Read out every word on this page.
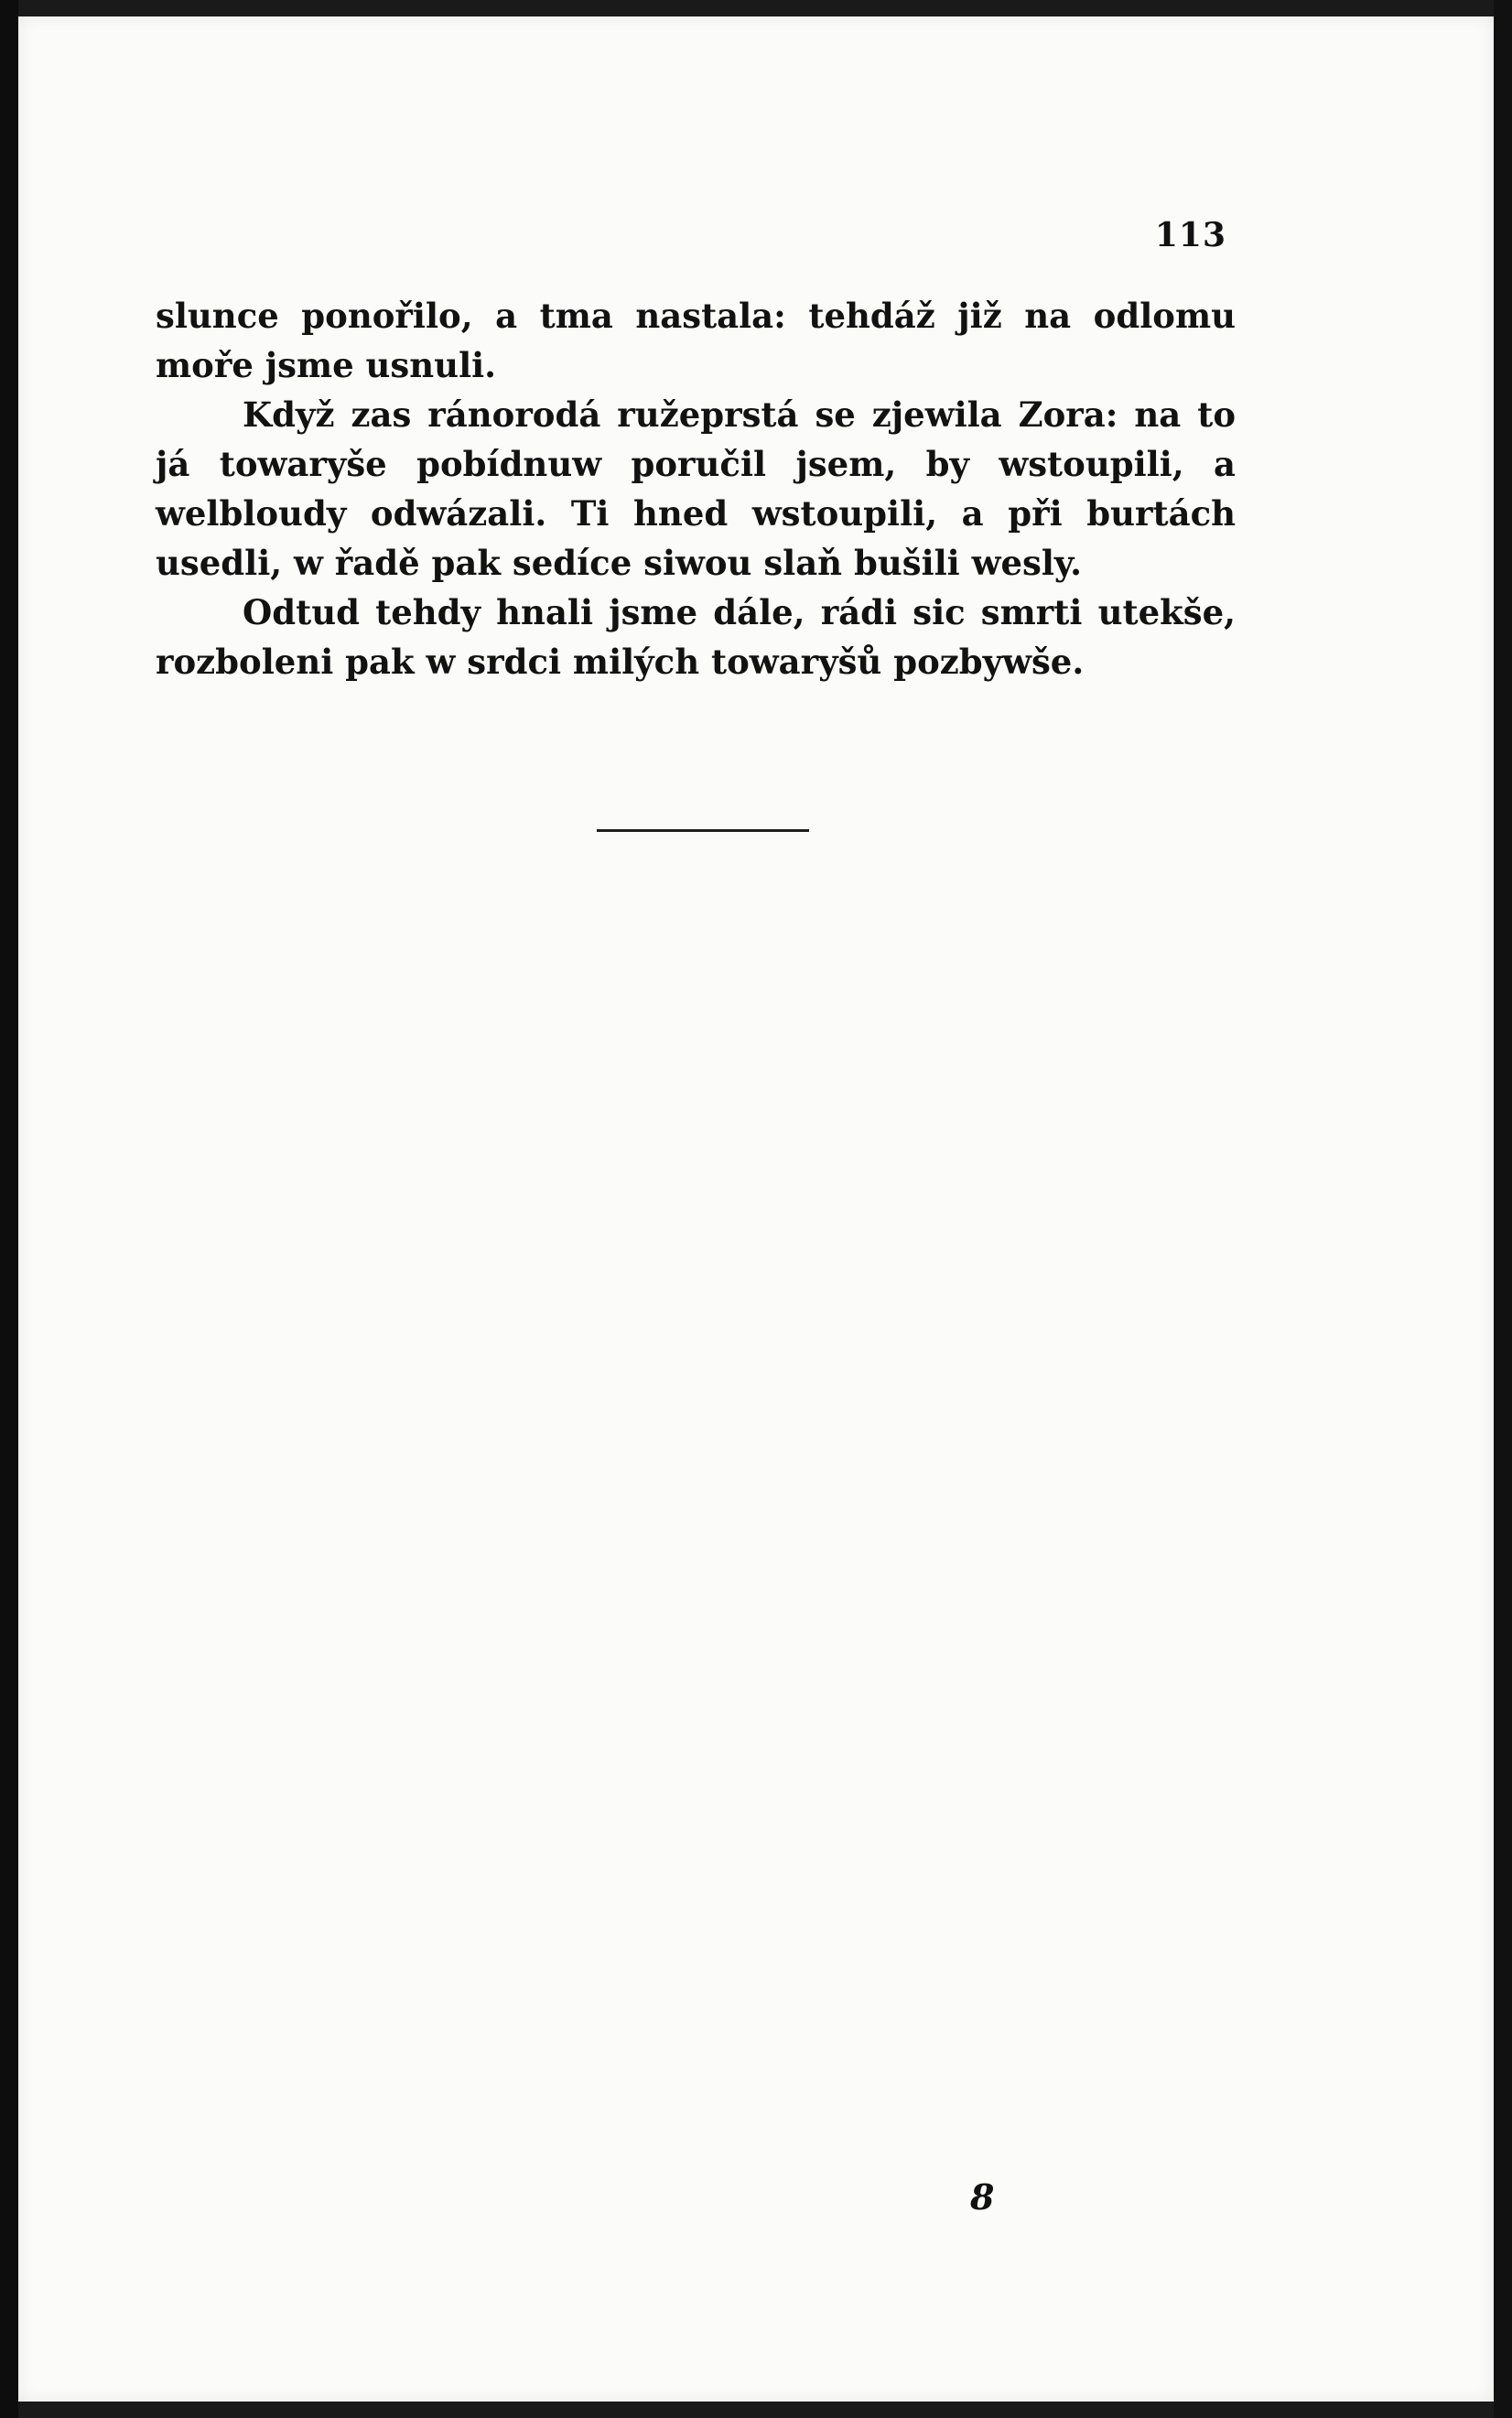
113

slunce ponořilo, a tma nastala: tehdáž již na odlomu moře jsme usnuli.

Když zas ránorodá ružeprstá se zjewila Zora: na to já towaryše pobídnuw poručil jsem, by wstoupili, a welbloudy odwázali. Ti hned wstoupili, a při burtách usedli, w řadě pak sedíce siwou slaň bušili wesly.

Odtud tehdy hnali jsme dále, rádi sic smrti utekše, rozboleni pak w srdci milých towaryšů pozbywše.

8
